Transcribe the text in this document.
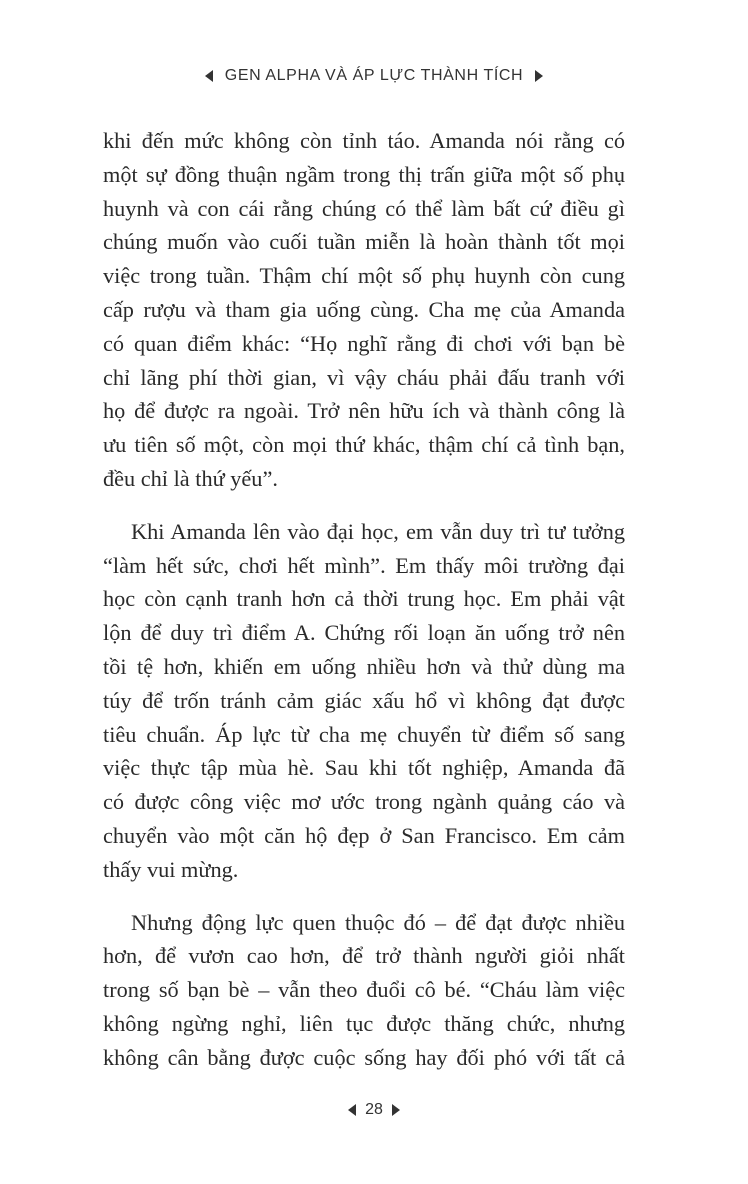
GEN ALPHA VÀ ÁP LỰC THÀNH TÍCH
khi đến mức không còn tỉnh táo. Amanda nói rằng có
một sự đồng thuận ngầm trong thị trấn giữa một số phụ
huynh và con cái rằng chúng có thể làm bất cứ điều gì
chúng muốn vào cuối tuần miễn là hoàn thành tốt mọi
việc trong tuần. Thậm chí một số phụ huynh còn cung
cấp rượu và tham gia uống cùng. Cha mẹ của Amanda
có quan điểm khác: “Họ nghĩ rằng đi chơi với bạn bè
chỉ lãng phí thời gian, vì vậy cháu phải đấu tranh với
họ để được ra ngoài. Trở nên hữu ích và thành công là
ưu tiên số một, còn mọi thứ khác, thậm chí cả tình bạn,
đều chỉ là thứ yếu”.
Khi Amanda lên vào đại học, em vẫn duy trì tư tưởng
“làm hết sức, chơi hết mình”. Em thấy môi trường đại
học còn cạnh tranh hơn cả thời trung học. Em phải vật
lộn để duy trì điểm A. Chứng rối loạn ăn uống trở nên
tồi tệ hơn, khiến em uống nhiều hơn và thử dùng ma
túy để trốn tránh cảm giác xấu hổ vì không đạt được
tiêu chuẩn. Áp lực từ cha mẹ chuyển từ điểm số sang
việc thực tập mùa hè. Sau khi tốt nghiệp, Amanda đã
có được công việc mơ ước trong ngành quảng cáo và
chuyển vào một căn hộ đẹp ở San Francisco. Em cảm
thấy vui mừng.
Nhưng động lực quen thuộc đó – để đạt được nhiều
hơn, để vươn cao hơn, để trở thành người giỏi nhất
trong số bạn bè – vẫn theo đuổi cô bé. “Cháu làm việc
không ngừng nghỉ, liên tục được thăng chức, nhưng
không cân bằng được cuộc sống hay đối phó với tất cả
28
